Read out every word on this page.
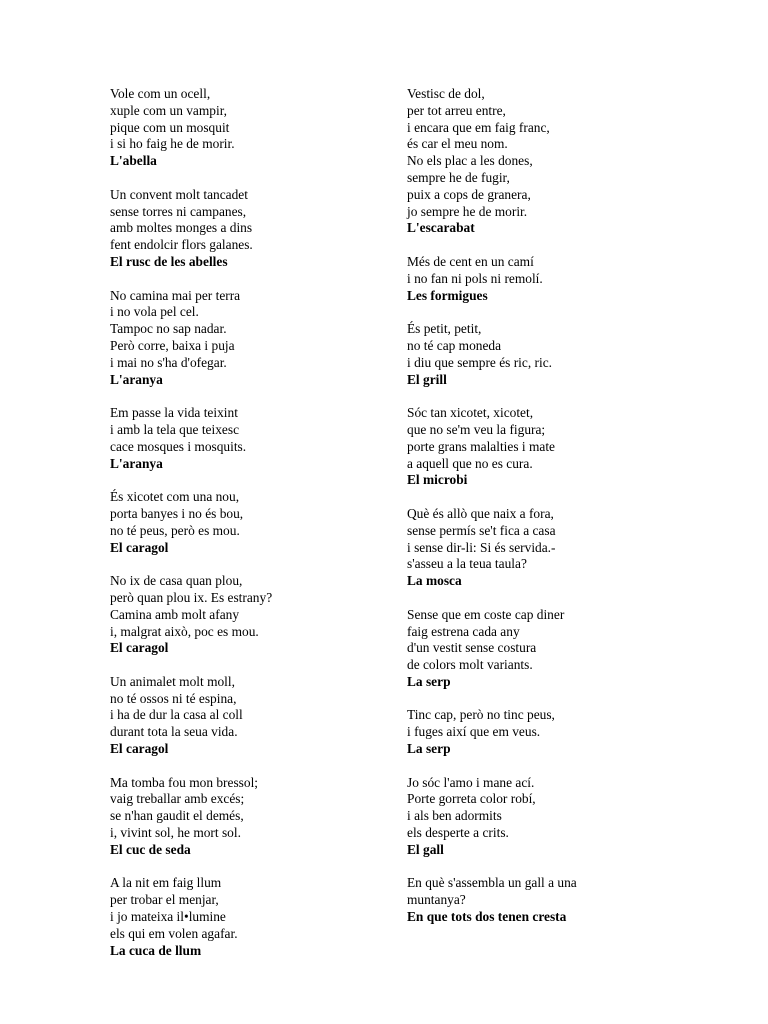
Vole com un ocell,
xuple com un vampir,
pique com un mosquit
i si ho faig he de morir.
L'abella
Un convent molt tancadet
sense torres ni campanes,
amb moltes monges a dins
fent endolcir flors galanes.
El rusc de les abelles
No camina mai per terra
i no vola pel cel.
Tampoc no sap nadar.
Però corre, baixa i puja
i mai no s'ha d'ofegar.
L'aranya
Em passe la vida teixint
i amb la tela que teixesc
cace mosques i mosquits.
L'aranya
És xicotet com una nou,
porta banyes i no és bou,
no té peus, però es mou.
El caragol
No ix de casa quan plou,
però quan plou ix. Es estrany?
Camina amb molt afany
i, malgrat això, poc es mou.
El caragol
Un animalet molt moll,
no té ossos ni té espina,
i ha de dur la casa al coll
durant tota la seua vida.
El caragol
Ma tomba fou mon bressol;
vaig treballar amb excés;
se n'han gaudit el demés,
i, vivint sol, he mort sol.
El cuc de seda
A la nit em faig llum
per trobar el menjar,
i jo mateixa il•lumine
els qui em volen agafar.
La cuca de llum
Vestisc de dol,
per tot arreu entre,
i encara que em faig franc,
és car el meu nom.
No els plac a les dones,
sempre he de fugir,
puix a cops de granera,
jo sempre he de morir.
L'escarabat
Més de cent en un camí
i no fan ni pols ni remolí.
Les formigues
És petit, petit,
no té cap moneda
i diu que sempre és ric, ric.
El grill
Sóc tan xicotet, xicotet,
que no se'm veu la figura;
porte grans malalties i mate
a aquell que no es cura.
El microbi
Què és allò que naix a fora,
sense permís se't fica a casa
i sense dir-li: Si és servida.-
s'asseu a la teua taula?
La mosca
Sense que em coste cap diner
faig estrena cada any
d'un vestit sense costura
de colors molt variants.
La serp
Tinc cap, però no tinc peus,
i fuges així que em veus.
La serp
Jo sóc l'amo i mane ací.
Porte gorreta color robí,
i als ben adormits
els desperte a crits.
El gall
En què s'assembla un gall a una
muntanya?
En que tots dos tenen cresta
